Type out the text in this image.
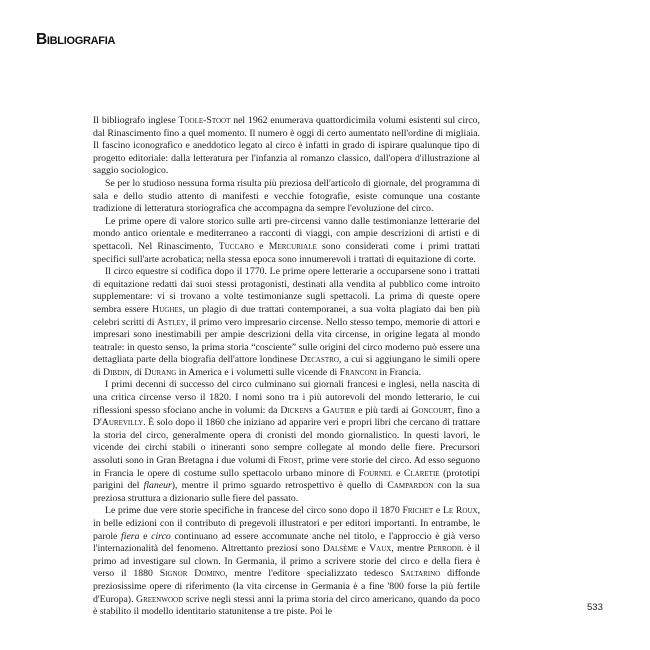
Bibliografia

Il bibliografo inglese Toole-Stoot nel 1962 enumerava quattordicimila volumi esistenti sul circo, dal Rinascimento fino a quel momento. Il numero è oggi di certo aumentato nell'ordine di migliaia. Il fascino iconografico e aneddotico legato al circo è infatti in grado di ispirare qualunque tipo di progetto editoriale: dalla letteratura per l'infanzia al romanzo classico, dall'opera d'illustrazione al saggio sociologico.

Se per lo studioso nessuna forma risulta più preziosa dell'articolo di giornale, del programma di sala e dello studio attento di manifesti e vecchie fotografie, esiste comunque una costante tradizione di letteratura storiografica che accompagna da sempre l'evoluzione del circo.

Le prime opere di valore storico sulle arti pre-circensi vanno dalle testimonianze letterarie del mondo antico orientale e mediterraneo a racconti di viaggi, con ampie descrizioni di artisti e di spettacoli. Nel Rinascimento, Tuccaro e Mercuriale sono considerati come i primi trattati specifici sull'arte acrobatica; nella stessa epoca sono innumerevoli i trattati di equitazione di corte.

Il circo equestre si codifica dopo il 1770. Le prime opere letterarie a occuparsene sono i trattati di equitazione redatti dai suoi stessi protagonisti, destinati alla vendita al pubblico come introito supplementare: vi si trovano a volte testimonianze sugli spettacoli. La prima di queste opere sembra essere Hughes, un plagio di due trattati contemporanei, a sua volta plagiato dai ben più celebri scritti di Astley, il primo vero impresario circense. Nello stesso tempo, memorie di attori e impresari sono inestimabili per ampie descrizioni della vita circense, in origine legata al mondo teatrale: in questo senso, la prima storia “cosciente” sulle origini del circo moderno può essere una dettagliata parte della biografia dell'attore londinese Decastro, a cui si aggiungano le simili opere di Dibdin, di Durang in America e i volumetti sulle vicende di Franconi in Francia.

I primi decenni di successo del circo culminano sui giornali francesi e inglesi, nella nascita di una critica circense verso il 1820. I nomi sono tra i più autorevoli del mondo letterario, le cui riflessioni spesso sfociano anche in volumi: da Dickens a Gautier e più tardi ai Goncourt, fino a D'Aurevilly. È solo dopo il 1860 che iniziano ad apparire veri e propri libri che cercano di trattare la storia del circo, generalmente opera di cronisti del mondo giornalistico. In questi lavori, le vicende dei circhi stabili o itineranti sono sempre collegate al mondo delle fiere. Precursori assoluti sono in Gran Bretagna i due volumi di Frost, prime vere storie del circo. Ad esso seguono in Francia le opere di costume sullo spettacolo urbano minore di Fournel e Claretie (prototipi parigini del flaneur), mentre il primo sguardo retrospettivo è quello di Campardon con la sua preziosa struttura a dizionario sulle fiere del passato.

Le prime due vere storie specifiche in francese del circo sono dopo il 1870 Frichet e Le Roux, in belle edizioni con il contributo di pregevoli illustratori e per editori importanti. In entrambe, le parole fiera e circo continuano ad essere accomunate anche nel titolo, e l'approccio è già verso l'internazionalità del fenomeno. Altrettanto preziosi sono Dalsème e Vaux, mentre Perrodil è il primo ad investigare sul clown. In Germania, il primo a scrivere storie del circo e della fiera è verso il 1880 Signor Domino, mentre l'editore specializzato tedesco Saltarino diffonde preziosissime opere di riferimento (la vita circense in Germania è a fine '800 forse la più fertile d'Europa). Greenwood scrive negli stessi anni la prima storia del circo americano, quando da poco è stabilito il modello identitario statunitense a tre piste. Poi le	533
